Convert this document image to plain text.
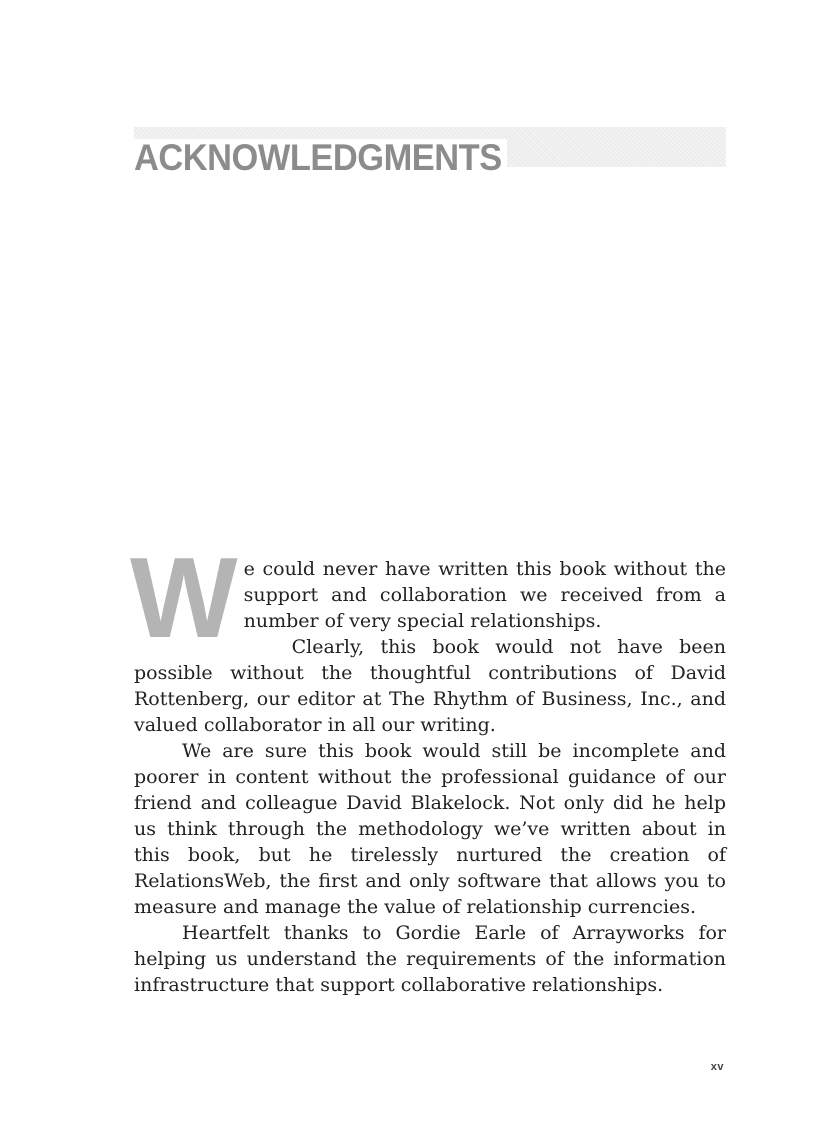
ACKNOWLEDGMENTS

We could never have written this book without the support and collaboration we received from a number of very special relationships.

Clearly, this book would not have been possible without the thoughtful contributions of David Rottenberg, our editor at The Rhythm of Business, Inc., and valued collaborator in all our writing.

We are sure this book would still be incomplete and poorer in content without the professional guidance of our friend and colleague David Blakelock. Not only did he help us think through the methodology we’ve written about in this book, but he tirelessly nurtured the creation of RelationsWeb, the first and only software that allows you to measure and manage the value of relationship currencies.

Heartfelt thanks to Gordie Earle of Arrayworks for helping us understand the requirements of the information infrastructure that support collaborative relationships.

xv
